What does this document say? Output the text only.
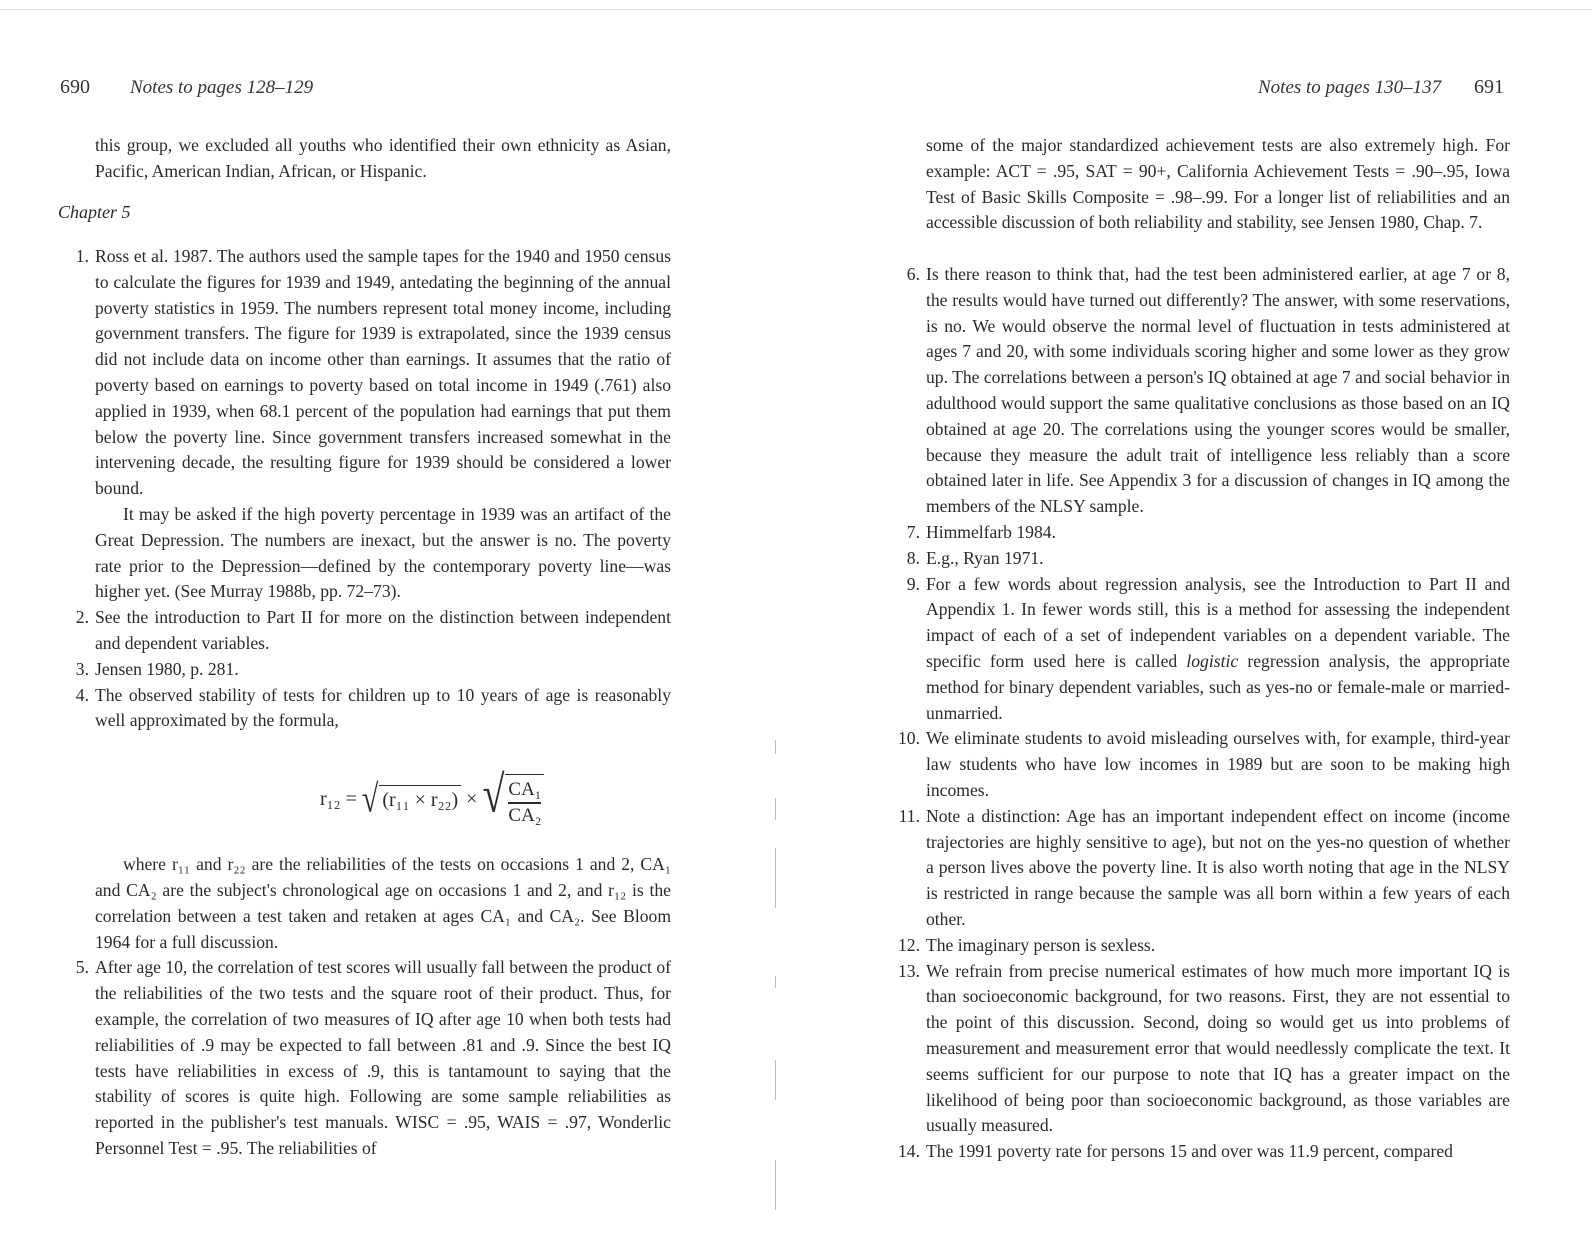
690 Notes to pages 128–129
this group, we excluded all youths who identified their own ethnicity as Asian, Pacific, American Indian, African, or Hispanic.
Chapter 5
1. Ross et al. 1987. The authors used the sample tapes for the 1940 and 1950 census to calculate the figures for 1939 and 1949, antedating the beginning of the annual poverty statistics in 1959. The numbers represent total money income, including government transfers. The figure for 1939 is extrapolated, since the 1939 census did not include data on income other than earnings. It assumes that the ratio of poverty based on earnings to poverty based on total income in 1949 (.761) also applied in 1939, when 68.1 percent of the population had earnings that put them below the poverty line. Since government transfers increased somewhat in the intervening decade, the resulting figure for 1939 should be considered a lower bound.

It may be asked if the high poverty percentage in 1939 was an artifact of the Great Depression. The numbers are inexact, but the answer is no. The poverty rate prior to the Depression—defined by the contemporary poverty line—was higher yet. (See Murray 1988b, pp. 72–73).

2. See the introduction to Part II for more on the distinction between independent and dependent variables.

3. Jensen 1980, p. 281.

4. The observed stability of tests for children up to 10 years of age is reasonably well approximated by the formula,

r₁₂ = √ (r₁₁ × r₂₂) × √ $\frac{\text{CA₁}}{\text{CA₂}}$

where r₁₁ and r₂₂ are the reliabilities of the tests on occasions 1 and 2, CA₁ and CA₂ are the subject's chronological age on occasions 1 and 2, and r₁₂ is the correlation between a test taken and retaken at ages CA₁ and CA₂. See Bloom 1964 for a full discussion.

5. After age 10, the correlation of test scores will usually fall between the product of the reliabilities of the two tests and the square root of their product. Thus, for example, the correlation of two measures of IQ after age 10 when both tests had reliabilities of .9 may be expected to fall between .81 and .9. Since the best IQ tests have reliabilities in excess of .9, this is tantamount to saying that the stability of scores is quite high. Following are some sample reliabilities as reported in the publisher's test manuals. WISC = .95, WAIS = .97, Wonderlic Personnel Test = .95. The reliabilities of

Notes to pages 130–137 691
some of the major standardized achievement tests are also extremely high. For example: ACT = .95, SAT = 90+, California Achievement Tests = .90–.95, Iowa Test of Basic Skills Composite = .98–.99. For a longer list of reliabilities and an accessible discussion of both reliability and stability, see Jensen 1980, Chap. 7.
6. Is there reason to think that, had the test been administered earlier, at age 7 or 8, the results would have turned out differently? The answer, with some reservations, is no. We would observe the normal level of fluctuation in tests administered at ages 7 and 20, with some individuals scoring higher and some lower as they grow up. The correlations between a person's IQ obtained at age 7 and social behavior in adulthood would support the same qualitative conclusions as those based on an IQ obtained at age 20. The correlations using the younger scores would be smaller, because they measure the adult trait of intelligence less reliably than a score obtained later in life. See Appendix 3 for a discussion of changes in IQ among the members of the NLSY sample.

7. Himmelfarb 1984.

8. E.g., Ryan 1971.

9. For a few words about regression analysis, see the Introduction to Part II and Appendix 1. In fewer words still, this is a method for assessing the independent impact of each of a set of independent variables on a dependent variable. The specific form used here is called logistic regression analysis, the appropriate method for binary dependent variables, such as yes-no or female-male or married-unmarried.

10. We eliminate students to avoid misleading ourselves with, for example, third-year law students who have low incomes in 1989 but are soon to be making high incomes.

11. Note a distinction: Age has an important independent effect on income (income trajectories are highly sensitive to age), but not on the yes-no question of whether a person lives above the poverty line. It is also worth noting that age in the NLSY is restricted in range because the sample was all born within a few years of each other.

12. The imaginary person is sexless.

13. We refrain from precise numerical estimates of how much more important IQ is than socioeconomic background, for two reasons. First, they are not essential to the point of this discussion. Second, doing so would get us into problems of measurement and measurement error that would needlessly complicate the text. It seems sufficient for our purpose to note that IQ has a greater impact on the likelihood of being poor than socioeconomic background, as those variables are usually measured.

14. The 1991 poverty rate for persons 15 and over was 11.9 percent, compared
